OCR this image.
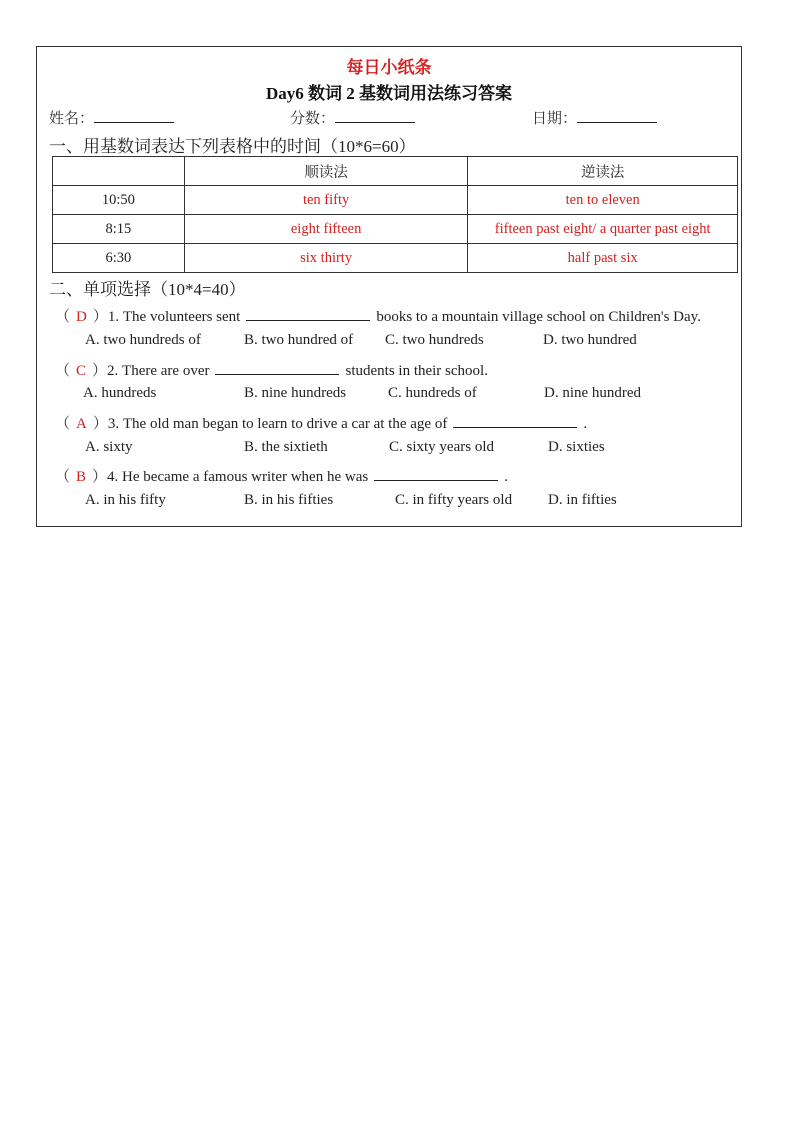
每日小纸条
Day6 数词 2 基数词用法练习答案
姓名：	分数：	日期：
一、用基数词表达下列表格中的时间（10*6=60）
	顺读法	逆读法
10:50	ten fifty	ten to eleven
8:15	eight fifteen	fifteen past eight/ a quarter past eight
6:30	six thirty	half past six
二、单项选择（10*4=40）
（ D ）1. The volunteers sent	books to a mountain village school on Children's Day.
A. two hundreds of	B. two hundred of C. two hundreds	D. two hundred
（ C ）2. There are over	students in their school.
A. hundreds	B. nine hundreds	C. hundreds of	D. nine hundred
（ A ）3. The old man began to learn to drive a car at the age of	.
A. sixty	B. the sixtieth	C. sixty years old	D. sixties
（ B ）4. He became a famous writer when he was	.
A. in his fifty	B. in his fifties	C. in fifty years old D. in fifties
